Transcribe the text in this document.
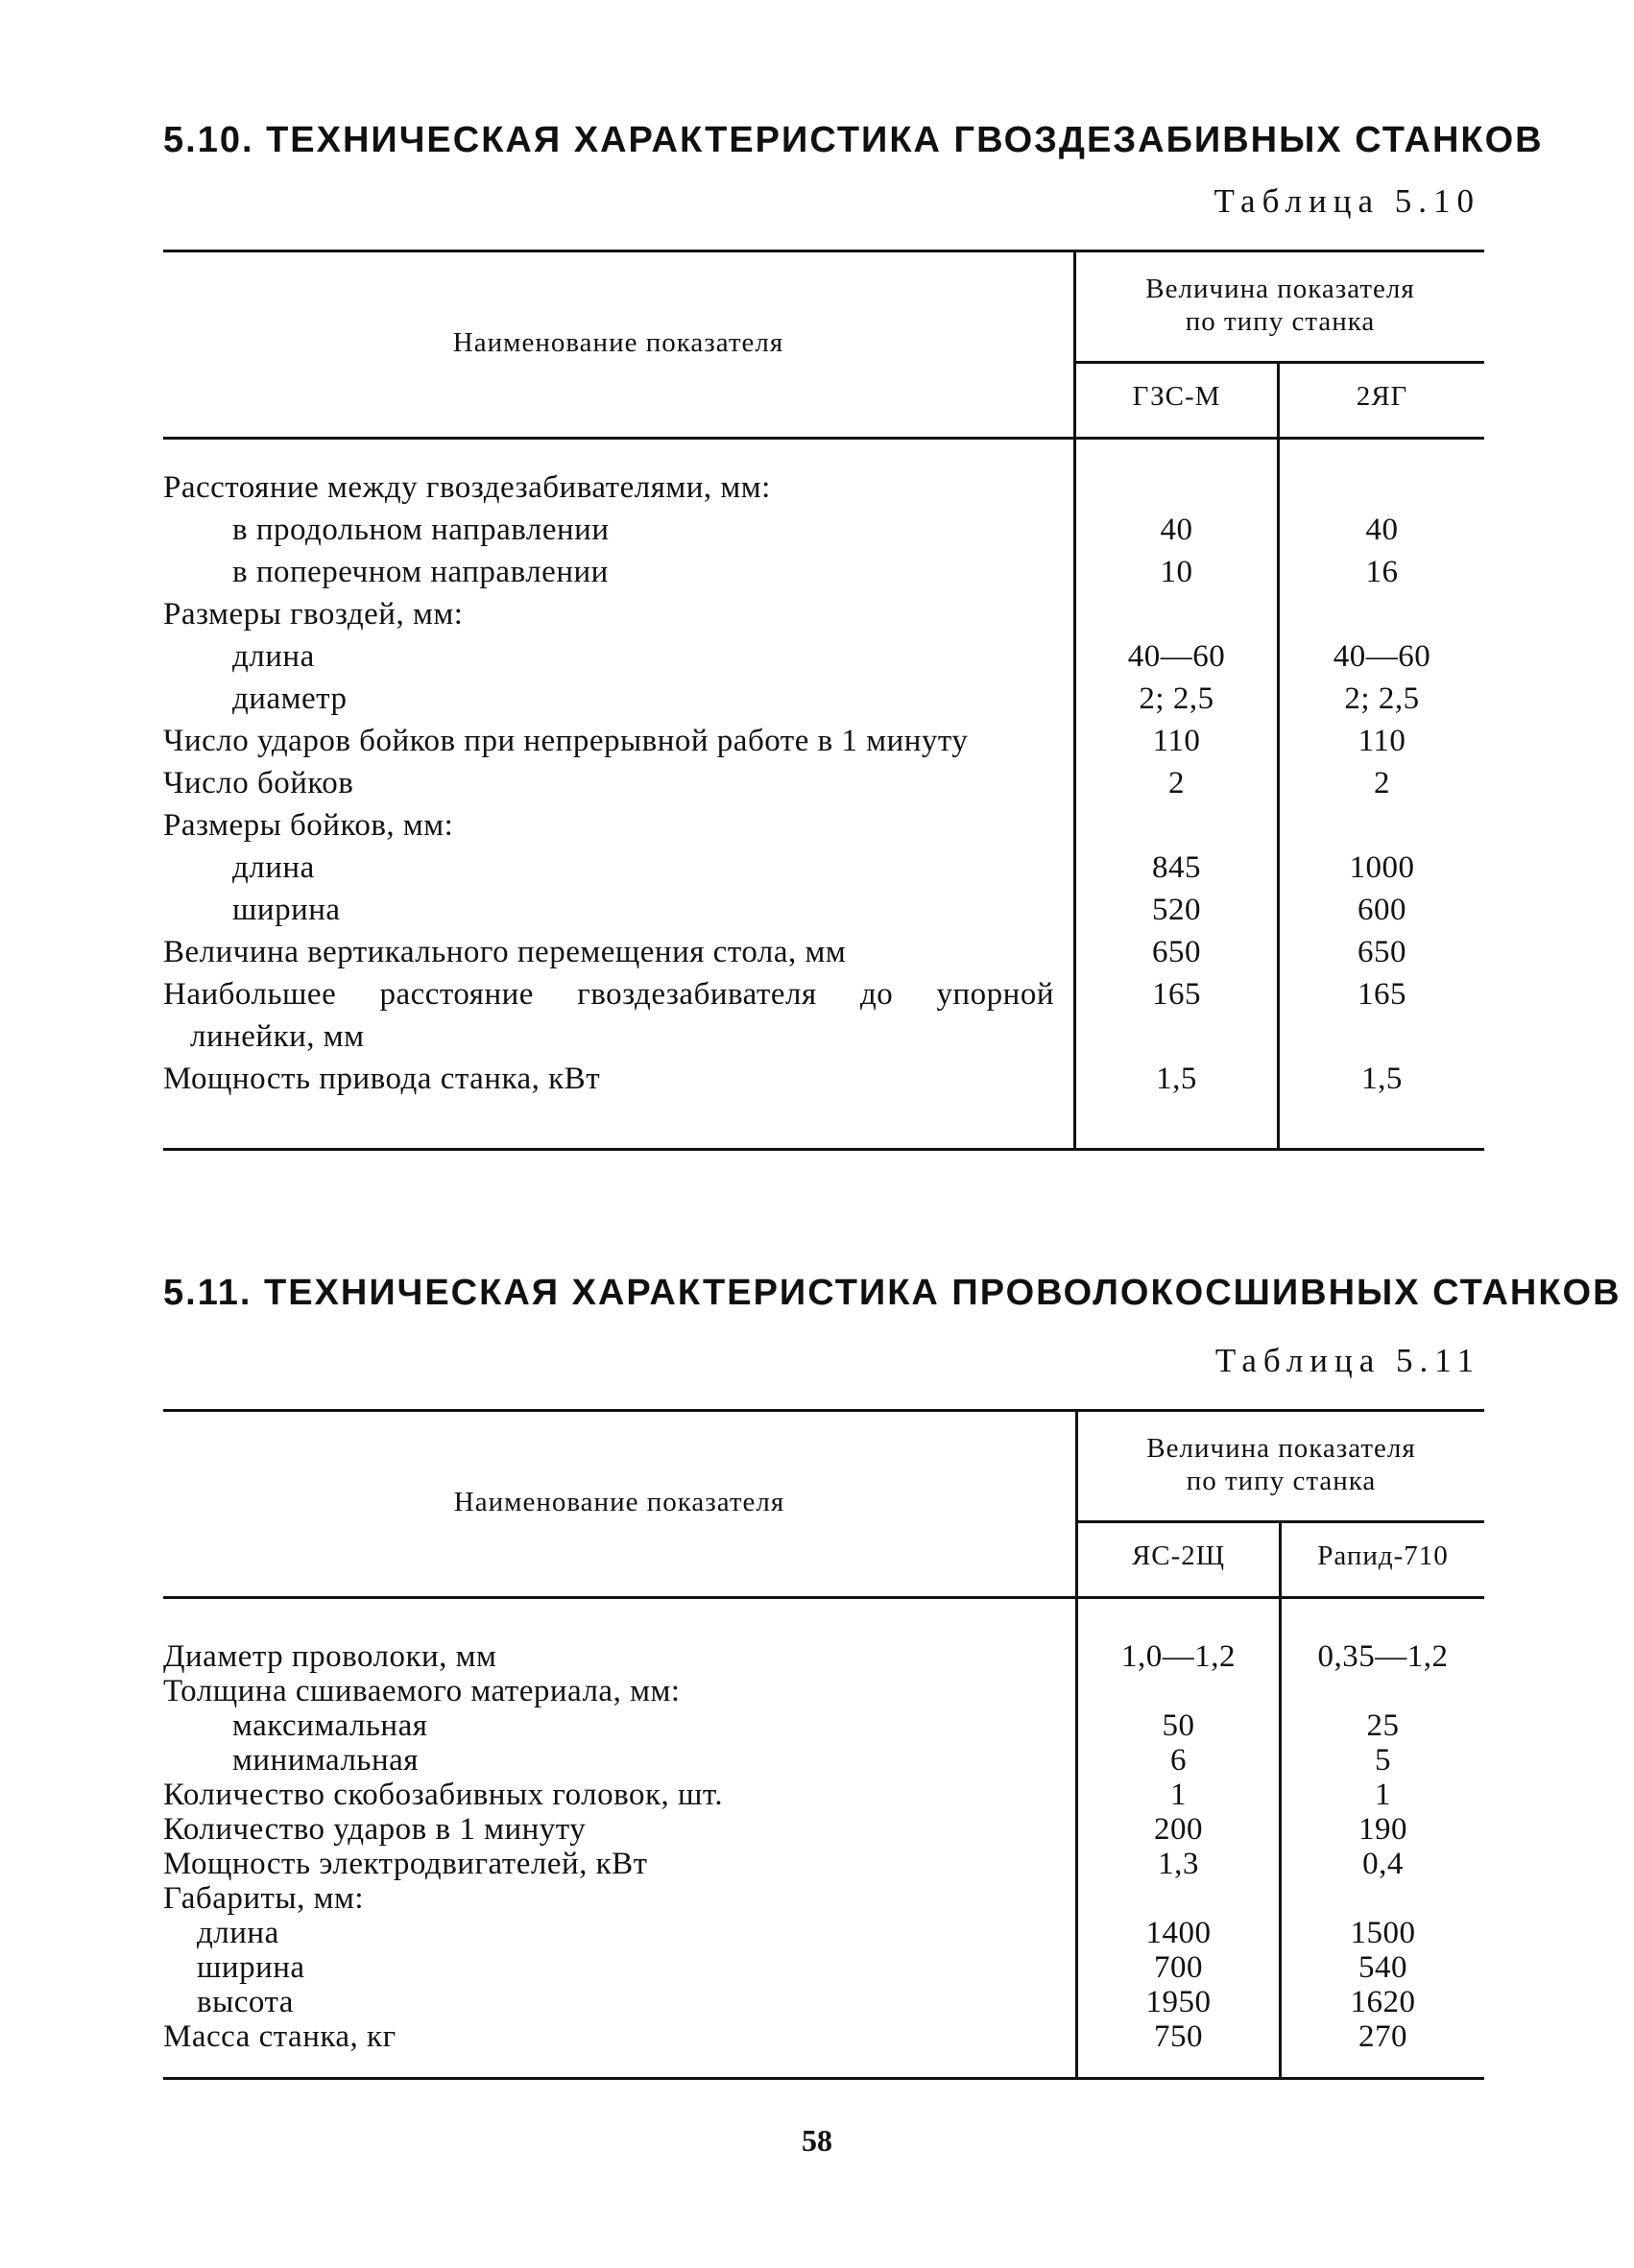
5.10. ТЕХНИЧЕСКАЯ ХАРАКТЕРИСТИКА ГВОЗДЕЗАБИВНЫХ СТАНКОВ
Таблица 5.10
Наименование показателя
Величина показателя
по типу станка
ГЗС-М	2ЯГ
Расстояние между гвоздезабивателями, мм:
в продольном направлении	40	40
в поперечном направлении	10	16
Размеры гвоздей, мм:
длина	40—60	40—60
диаметр	2; 2,5	2; 2,5
Число ударов бойков при непрерывной работе в 1 минуту	110	110
Число бойков	2	2
Размеры бойков, мм:
длина	845	1000
ширина	520	600
Величина вертикального перемещения стола, мм	650	650
Наибольшее расстояние гвоздезабивателя до упорной	165	165
линейки, мм
Мощность привода станка, кВт	1,5	1,5
5.11. ТЕХНИЧЕСКАЯ ХАРАКТЕРИСТИКА ПРОВОЛОКОСШИВНЫХ СТАНКОВ
Таблица 5.11
Наименование показателя
Величина показателя
по типу станка
ЯС-2Щ	Рапид-710
Диаметр проволоки, мм	1,0—1,2	0,35—1,2
Толщина сшиваемого материала, мм:
максимальная	50	25
минимальная	6	5
Количество скобозабивных головок, шт.	1	1
Количество ударов в 1 минуту	200	190
Мощность электродвигателей, кВт	1,3	0,4
Габариты, мм:
длина	1400	1500
ширина	700	540
высота	1950	1620
Масса станка, кг	750	270
58
